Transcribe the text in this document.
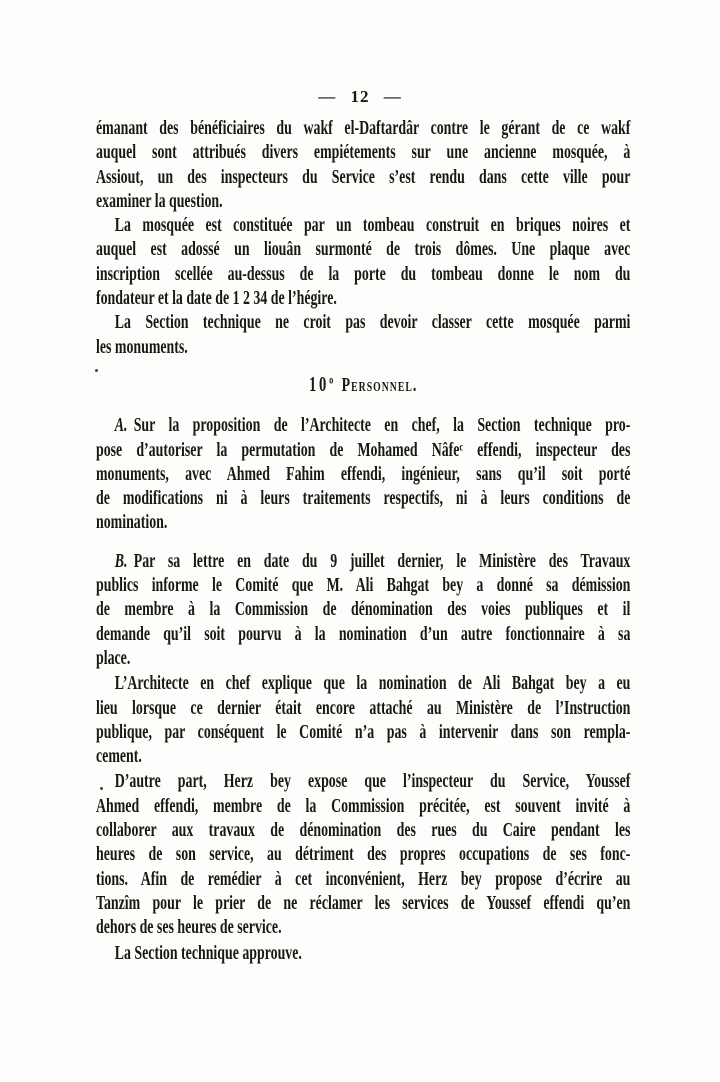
— 12 —
émanant des bénéficiaires du wakf el-Daftardâr contre le gérant de ce wakf
auquel sont attribués divers empiétements sur une ancienne mosquée, à
Assiout, un des inspecteurs du Service s’est rendu dans cette ville pour
examiner la question.
La mosquée est constituée par un tombeau construit en briques noires et
auquel est adossé un liouân surmonté de trois dômes. Une plaque avec
inscription scellée au-dessus de la porte du tombeau donne le nom du
fondateur et la date de 1 2 34 de l’hégire.
La Section technique ne croit pas devoir classer cette mosquée parmi
les monuments.
10$^o$ Personnel.
A. Sur la proposition de l’Architecte en chef, la Section technique pro-
pose d’autoriser la permutation de Mohamed Nâfeᶜ effendi, inspecteur des
monuments, avec Ahmed Fahim effendi, ingénieur, sans qu’il soit porté
de modifications ni à leurs traitements respectifs, ni à leurs conditions de
nomination.
B. Par sa lettre en date du 9 juillet dernier, le Ministère des Travaux
publics informe le Comité que M. Ali Bahgat bey a donné sa démission
de membre à la Commission de dénomination des voies publiques et il
demande qu’il soit pourvu à la nomination d’un autre fonctionnaire à sa
place.
L’Architecte en chef explique que la nomination de Ali Bahgat bey a eu
lieu lorsque ce dernier était encore attaché au Ministère de l’Instruction
publique, par conséquent le Comité n’a pas à intervenir dans son rempla-
cement.
D’autre part, Herz bey expose que l’inspecteur du Service, Youssef
Ahmed effendi, membre de la Commission précitée, est souvent invité à
collaborer aux travaux de dénomination des rues du Caire pendant les
heures de son service, au détriment des propres occupations de ses fonc-
tions. Afin de remédier à cet inconvénient, Herz bey propose d’écrire au
Tanzîm pour le prier de ne réclamer les services de Youssef effendi qu’en
dehors de ses heures de service.
La Section technique approuve.
